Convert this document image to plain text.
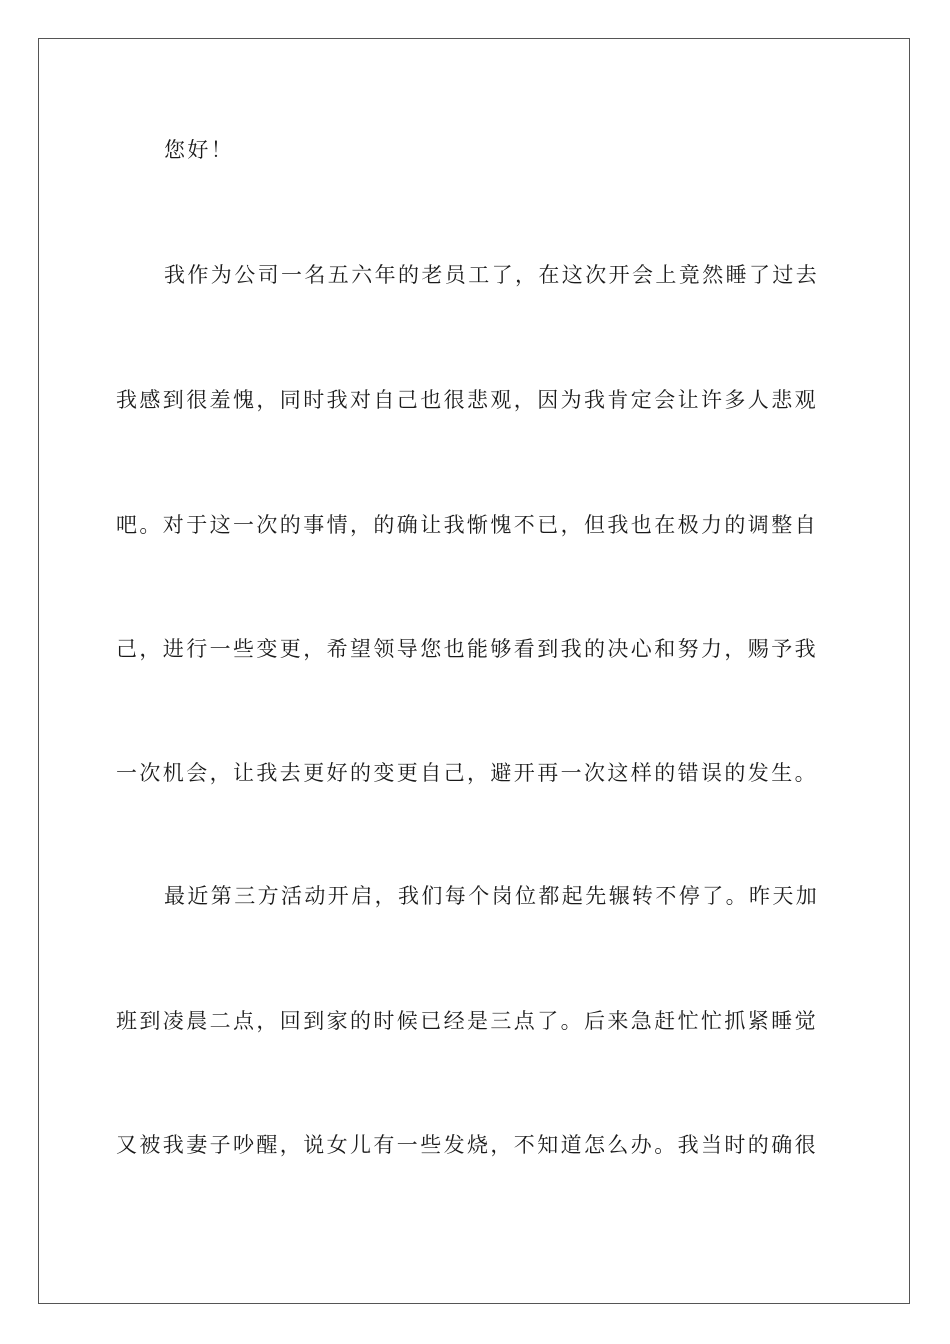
您好！
我作为公司一名五六年的老员工了，在这次开会上竟然睡了过去
我感到很羞愧，同时我对自己也很悲观，因为我肯定会让许多人悲观
吧。对于这一次的事情，的确让我惭愧不已，但我也在极力的调整自
己，进行一些变更，希望领导您也能够看到我的决心和努力，赐予我
一次机会，让我去更好的变更自己，避开再一次这样的错误的发生。
最近第三方活动开启，我们每个岗位都起先辗转不停了。昨天加
班到凌晨二点，回到家的时候已经是三点了。后来急赶忙忙抓紧睡觉
又被我妻子吵醒，说女儿有一些发烧，不知道怎么办。我当时的确很
